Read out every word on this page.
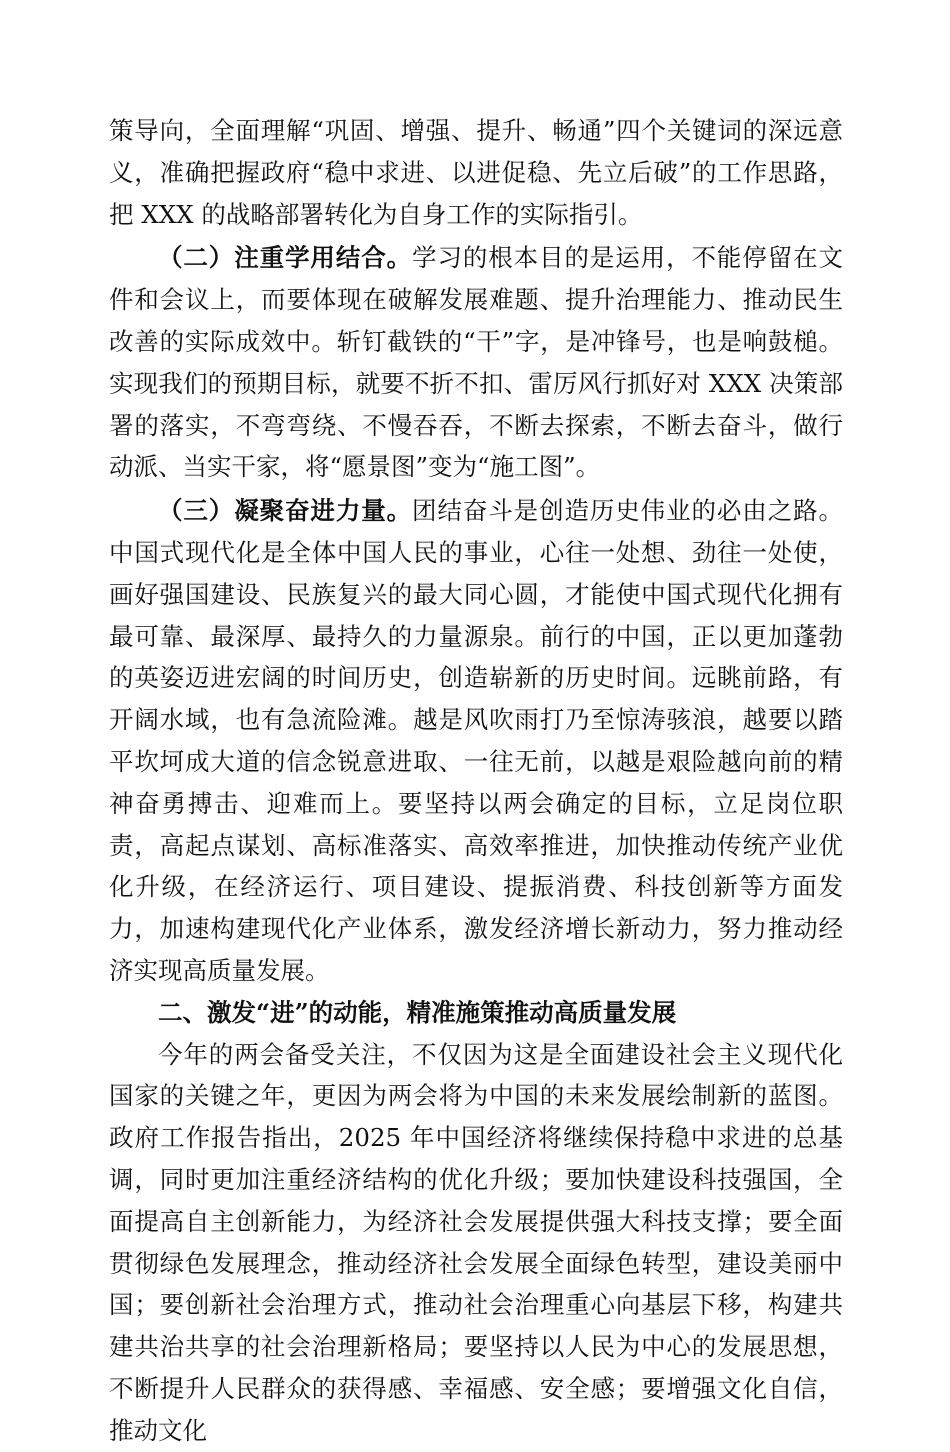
策导向，全面理解“巩固、增强、提升、畅通”四个关键词的深远意义，准确把握政府“稳中求进、以进促稳、先立后破”的工作思路，把 XXX 的战略部署转化为自身工作的实际指引。

（二）注重学用结合。学习的根本目的是运用，不能停留在文件和会议上，而要体现在破解发展难题、提升治理能力、推动民生改善的实际成效中。斩钉截铁的“干”字，是冲锋号，也是响鼓槌。实现我们的预期目标，就要不折不扣、雷厉风行抓好对 XXX 决策部署的落实，不弯弯绕、不慢吞吞，不断去探索，不断去奋斗，做行动派、当实干家，将“愿景图”变为“施工图”。

（三）凝聚奋进力量。团结奋斗是创造历史伟业的必由之路。中国式现代化是全体中国人民的事业，心往一处想、劲往一处使，画好强国建设、民族复兴的最大同心圆，才能使中国式现代化拥有最可靠、最深厚、最持久的力量源泉。前行的中国，正以更加蓬勃的英姿迈进宏阔的时间历史，创造崭新的历史时间。远眺前路，有开阔水域，也有急流险滩。越是风吹雨打乃至惊涛骇浪，越要以踏平坎坷成大道的信念锐意进取、一往无前，以越是艰险越向前的精神奋勇搏击、迎难而上。要坚持以两会确定的目标，立足岗位职责，高起点谋划、高标准落实、高效率推进，加快推动传统产业优化升级，在经济运行、项目建设、提振消费、科技创新等方面发力，加速构建现代化产业体系，激发经济增长新动力，努力推动经济实现高质量发展。

二、激发“进”的动能，精准施策推动高质量发展

今年的两会备受关注，不仅因为这是全面建设社会主义现代化国家的关键之年，更因为两会将为中国的未来发展绘制新的蓝图。政府工作报告指出，2025 年中国经济将继续保持稳中求进的总基调，同时更加注重经济结构的优化升级；要加快建设科技强国，全面提高自主创新能力，为经济社会发展提供强大科技支撑；要全面贯彻绿色发展理念，推动经济社会发展全面绿色转型，建设美丽中国；要创新社会治理方式，推动社会治理重心向基层下移，构建共建共治共享的社会治理新格局；要坚持以人民为中心的发展思想，不断提升人民群众的获得感、幸福感、安全感；要增强文化自信，推动文化
